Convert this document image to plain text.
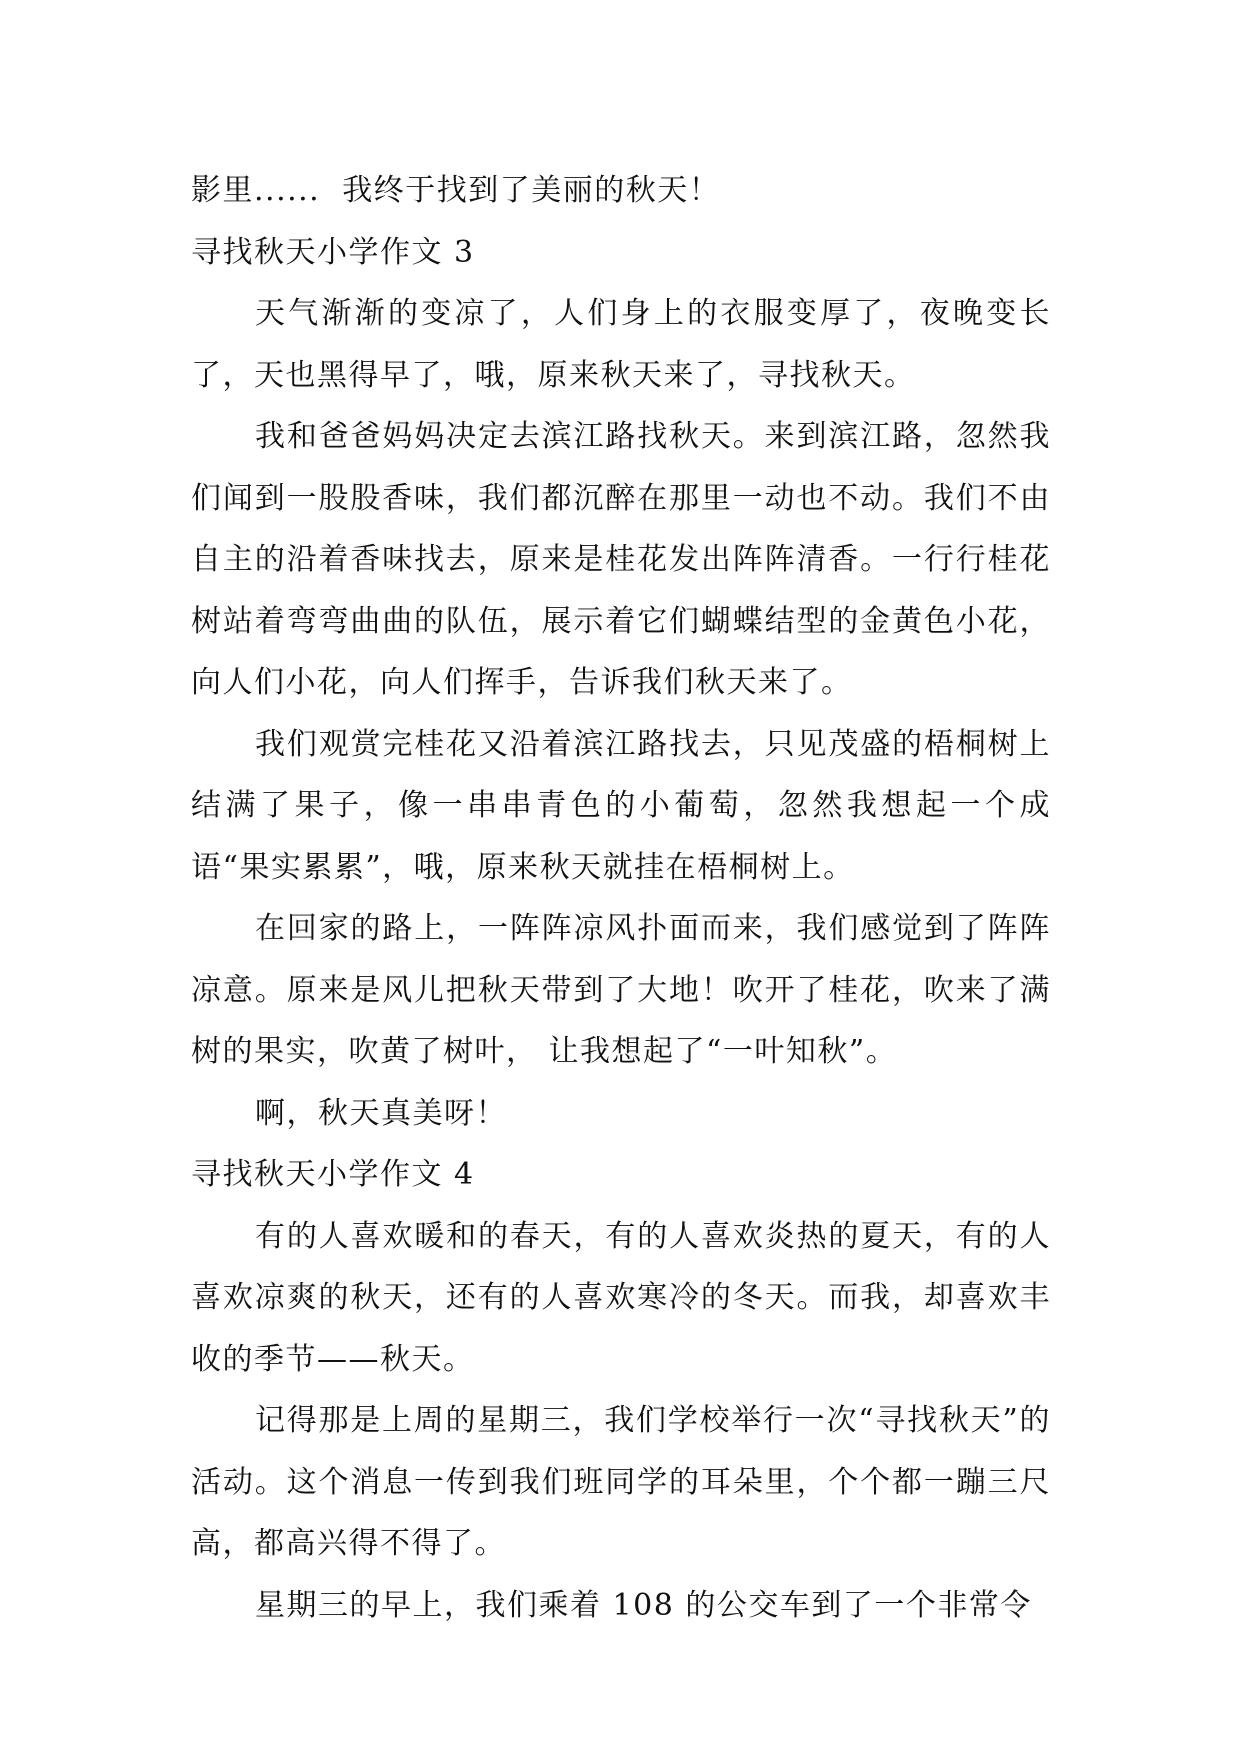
影里......  我终于找到了美丽的秋天！
寻找秋天小学作文 3

天气渐渐的变凉了，人们身上的衣服变厚了，夜晚变长了，天也黑得早了，哦，原来秋天来了，寻找秋天。

我和爸爸妈妈决定去滨江路找秋天。来到滨江路，忽然我们闻到一股股香味，我们都沉醉在那里一动也不动。我们不由自主的沿着香味找去，原来是桂花发出阵阵清香。一行行桂花树站着弯弯曲曲的队伍，展示着它们蝴蝶结型的金黄色小花，向人们小花，向人们挥手，告诉我们秋天来了。

我们观赏完桂花又沿着滨江路找去，只见茂盛的梧桐树上结满了果子，像一串串青色的小葡萄，忽然我想起一个成语“果实累累”，哦，原来秋天就挂在梧桐树上。

在回家的路上，一阵阵凉风扑面而来，我们感觉到了阵阵凉意。原来是风儿把秋天带到了大地！吹开了桂花，吹来了满树的果实，吹黄了树叶， 让我想起了“一叶知秋”。

啊，秋天真美呀！

寻找秋天小学作文 4

有的人喜欢暖和的春天，有的人喜欢炎热的夏天，有的人喜欢凉爽的秋天，还有的人喜欢寒冷的冬天。而我，却喜欢丰收的季节——秋天。

记得那是上周的星期三，我们学校举行一次“寻找秋天”的活动。这个消息一传到我们班同学的耳朵里，个个都一蹦三尺高，都高兴得不得了。

星期三的早上，我们乘着 108 的公交车到了一个非常令
